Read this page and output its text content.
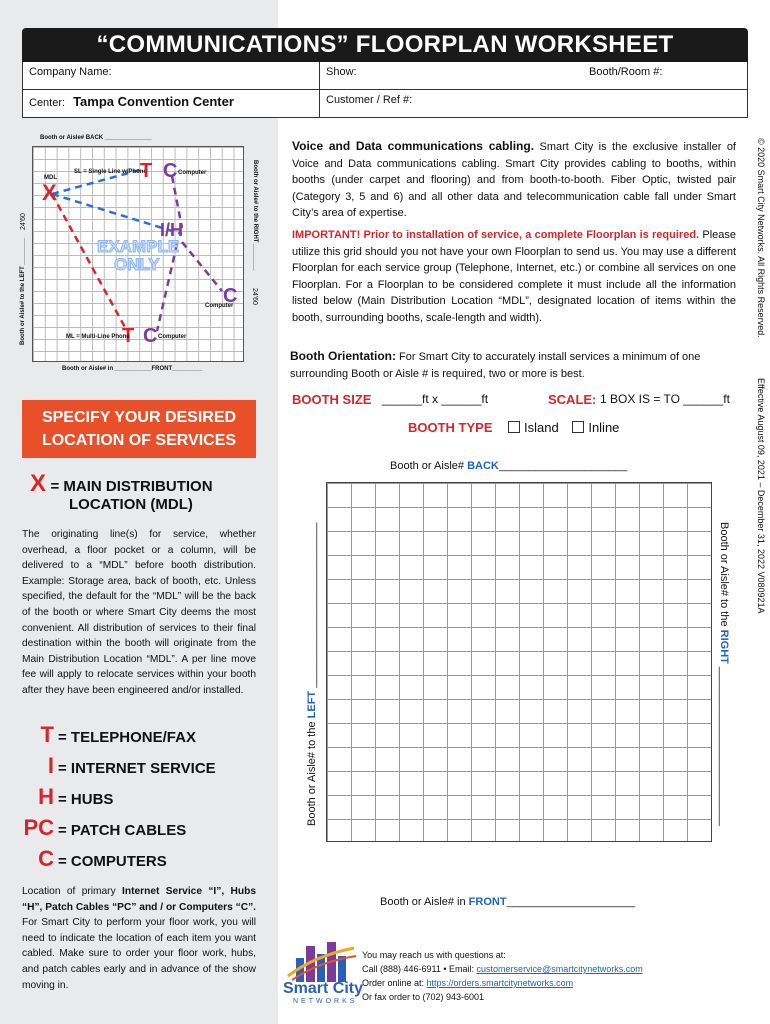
“COMMUNICATIONS” FLOORPLAN WORKSHEET
Company Name:	Show:	Booth/Room #:
Center: Tampa Convention Center	Customer / Ref #:
Booth or Aisle# BACK ______________
MDL
X
SL = Single Line w/Phone
T C Computer
I/H
EXAMPLE
ONLY
C
Computer
T C Computer
ML = Multi-Line Phone
Booth or Aisle# in ___________FRONT_________
Booth or Aisle# to the LEFT ________
24'60	Booth or Aisle# to the RIGHT ________
24'60
SPECIFY YOUR DESIRED
LOCATION OF SERVICES
X = MAIN DISTRIBUTION
LOCATION (MDL)
The originating line(s) for service, whether overhead, a floor pocket or a column, will be delivered to a “MDL” before booth distribution. Example: Storage area, back of booth, etc. Unless specified, the default for the “MDL” will be the back of the booth or where Smart City deems the most convenient. All distribution of services to their final destination within the booth will originate from the Main Distribution Location “MDL”. A per line move fee will apply to relocate services within your booth after they have been engineered and/or installed.
T = TELEPHONE/FAX
I = INTERNET SERVICE
H = HUBS
PC = PATCH CABLES
C = COMPUTERS
Location of primary Internet Service “I”, Hubs “H”, Patch Cables “PC” and / or Computers “C”. For Smart City to perform your floor work, you will need to indicate the location of each item you want cabled. Make sure to order your floor work, hubs, and patch cables early and in advance of the show moving in.
Voice and Data communications cabling. Smart City is the exclusive installer of Voice and Data communications cabling. Smart City provides cabling to booths, within booths (under carpet and flooring) and from booth-to-booth. Fiber Optic, twisted pair (Category 3, 5 and 6) and all other data and telecommunication cable fall under Smart City’s area of expertise.
IMPORTANT! Prior to installation of service, a complete Floorplan is required. Please utilize this grid should you not have your own Floorplan to send us. You may use a different Floorplan for each service group (Telephone, Internet, etc.) or combine all services on one Floorplan. For a Floorplan to be considered complete it must include all the information listed below (Main Distribution Location “MDL”, designated location of items within the booth, surrounding booths, scale-length and width).
Booth Orientation: For Smart City to accurately install services a minimum of one surrounding Booth or Aisle # is required, two or more is best.
BOOTH SIZE ______ft x ______ft	SCALE: 1 BOX IS = TO ______ft
BOOTH TYPE	Island Inline
Booth or Aisle# BACK_____________________
Booth or Aisle# to the LEFT ___________________________	Booth or Aisle# to the RIGHT __________________________
Booth or Aisle# in FRONT_____________________
© 2020 Smart City Networks. All Rights Reserved.
Effective August 09, 2021 – December 31, 2022 V080921A
Smart City
NETWORKS
You may reach us with questions at:
Call (888) 446-6911 • Email: customerservice@smartcitynetworks.com
Order online at: https://orders.smartcitynetworks.com
Or fax order to (702) 943-6001
